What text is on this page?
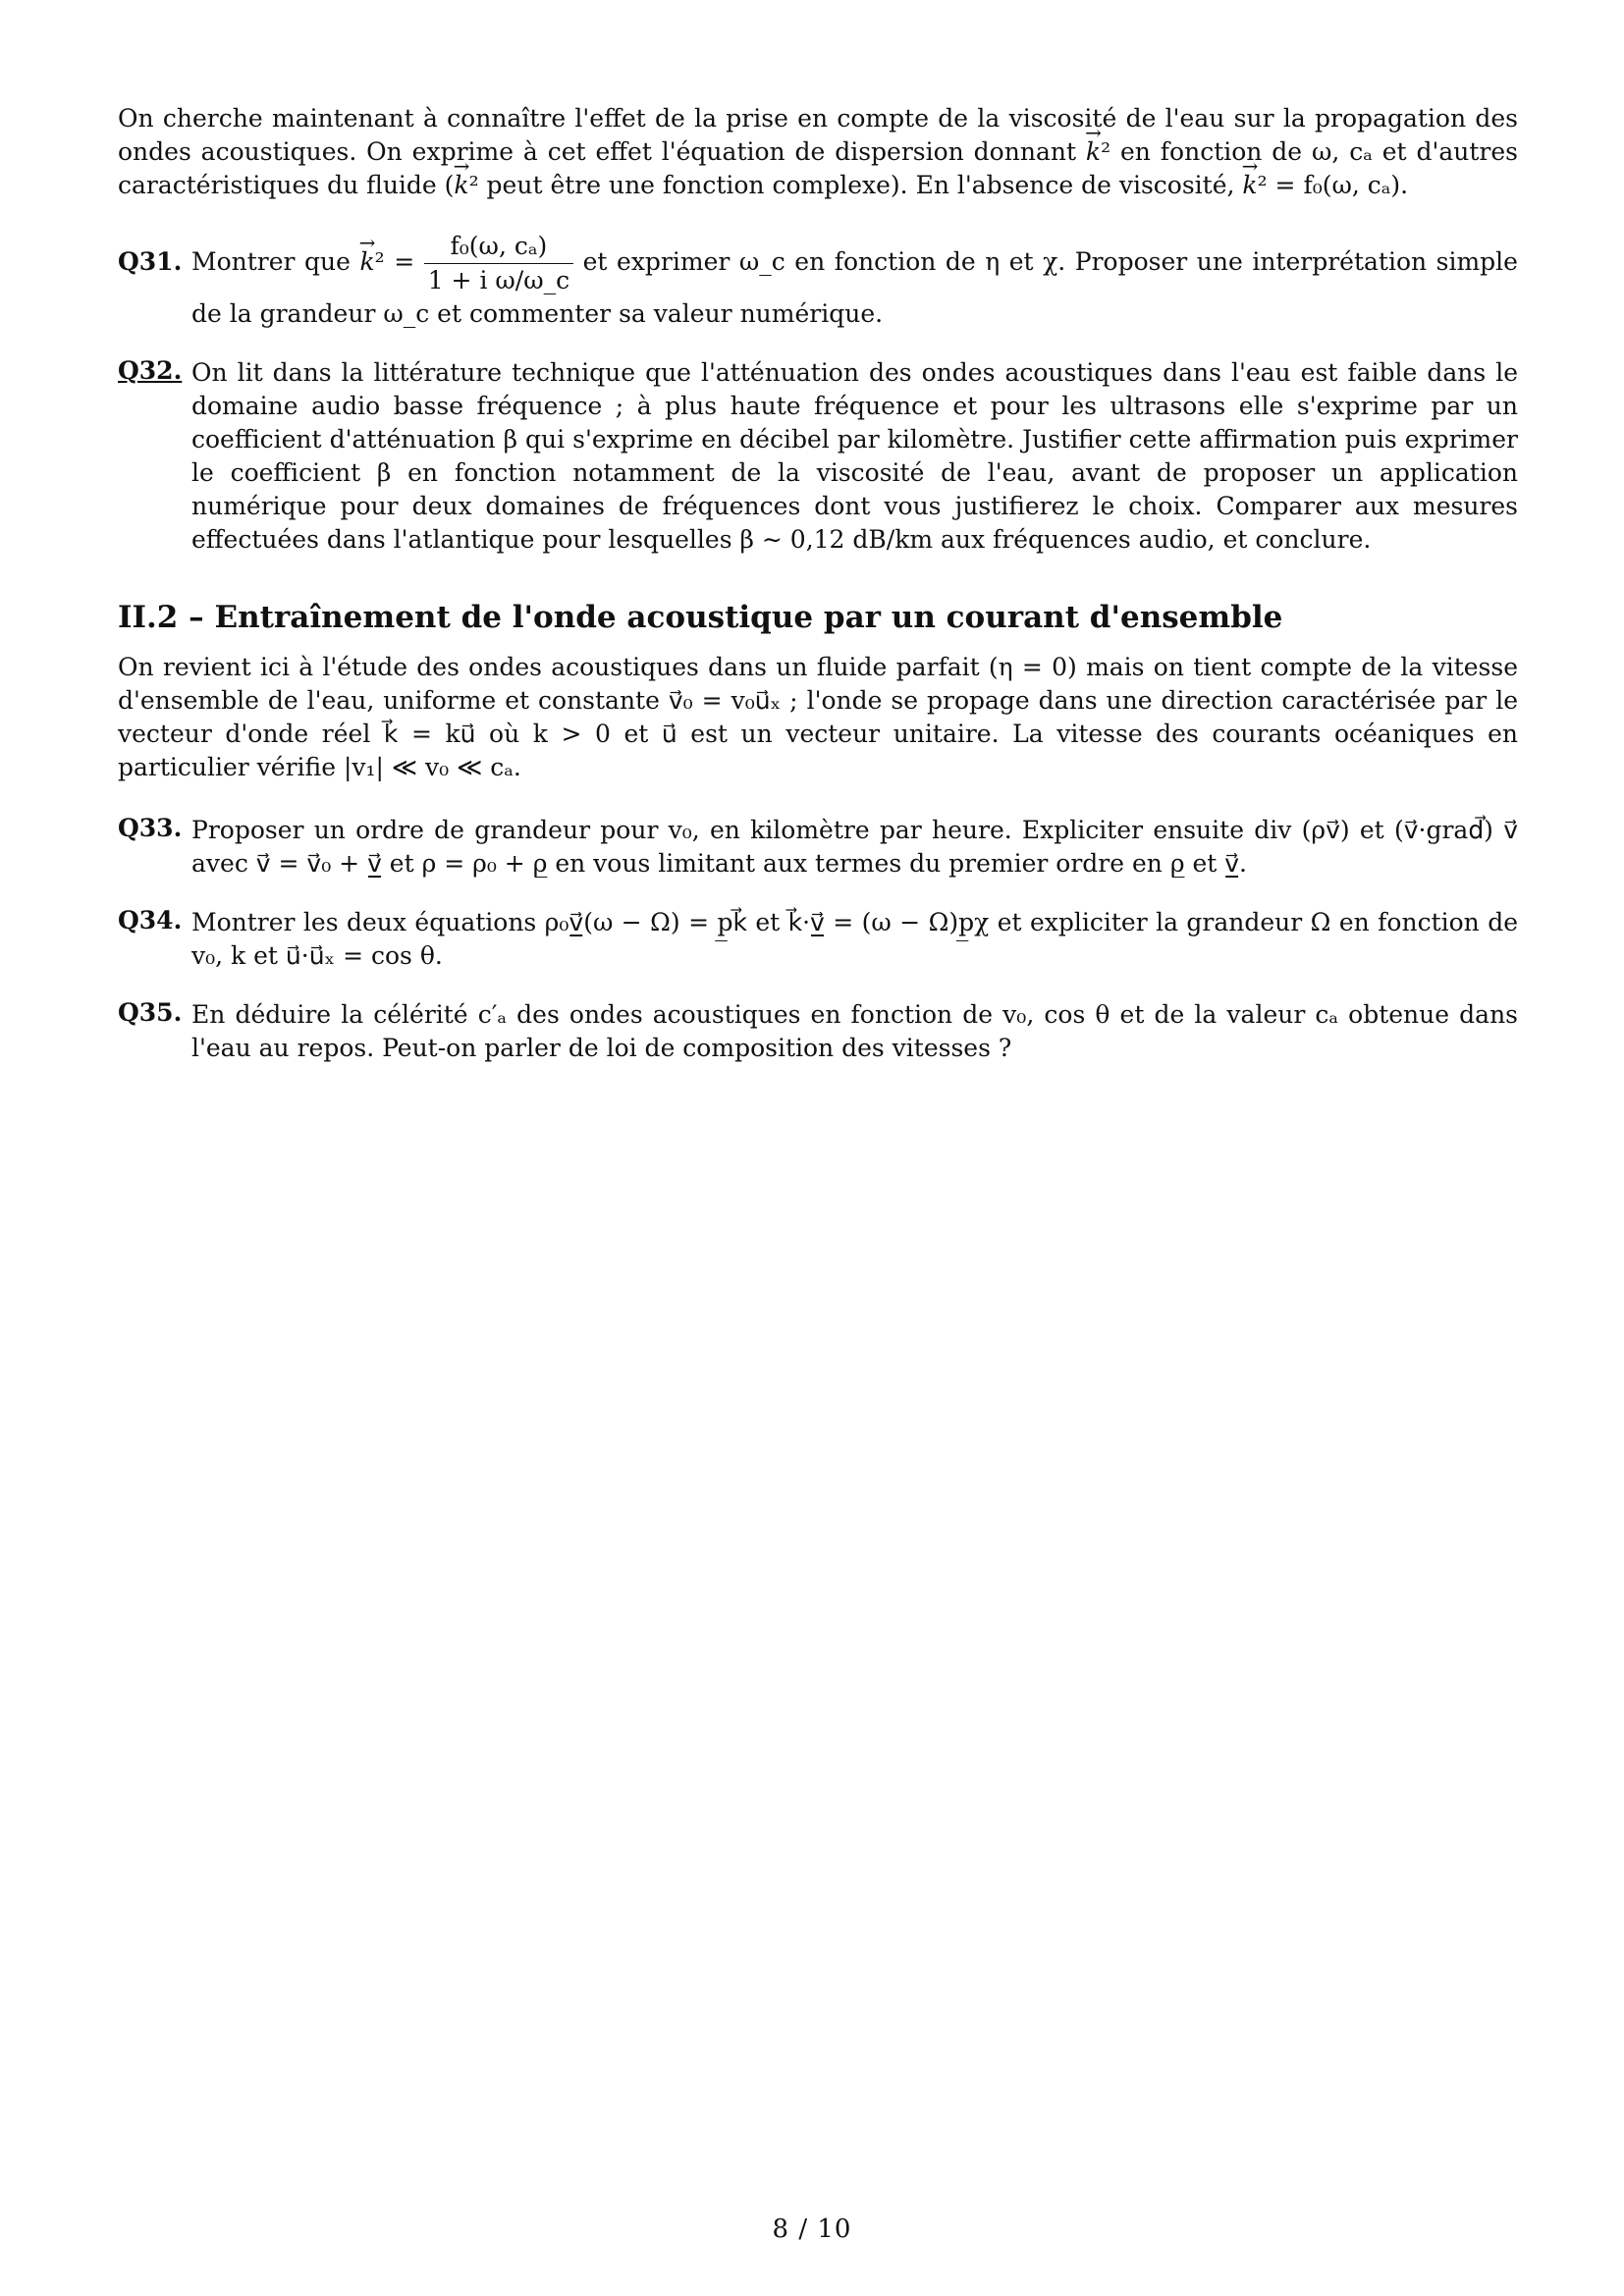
On cherche maintenant à connaître l'effet de la prise en compte de la viscosité de l'eau sur la propagation des ondes acoustiques. On exprime à cet effet l'équation de dispersion donnant → k² en fonction de ω, cₐ et d'autres caractéristiques du fluide (→ k² peut être une fonction complexe). En l'absence de viscosité, → k² = f₀(ω, cₐ).

Q31. Montrer que → $k^2 = \frac{\text{f₀(ω, cₐ)}}{\text{1 + i ω/ω\_c}}$ et exprimer ω_c en fonction de η et χ. Proposer une interprétation simple de la grandeur ω_c et commenter sa valeur numérique.
Q32. On lit dans la littérature technique que l'atténuation des ondes acoustiques dans l'eau est faible dans le domaine audio basse fréquence ; à plus haute fréquence et pour les ultrasons elle s'exprime par un coefficient d'atténuation β qui s'exprime en décibel par kilomètre. Justifier cette affirmation puis exprimer le coefficient β en fonction notamment de la viscosité de l'eau, avant de proposer un application numérique pour deux domaines de fréquences dont vous justifierez le choix. Comparer aux mesures effectuées dans l'atlantique pour lesquelles β ∼ 0,12 dB/km aux fréquences audio, et conclure.
II.2 – Entraînement de l'onde acoustique par un courant d'ensemble

On revient ici à l'étude des ondes acoustiques dans un fluide parfait (η = 0) mais on tient compte de la vitesse d'ensemble de l'eau, uniforme et constante v⃗₀ = v₀u⃗ₓ ; l'onde se propage dans une direction caractérisée par le vecteur d'onde réel k⃗ = ku⃗ où k > 0 et u⃗ est un vecteur unitaire. La vitesse des courants océaniques en particulier vérifie |v₁| ≪ v₀ ≪ cₐ.

Q33. Proposer un ordre de grandeur pour v₀, en kilomètre par heure. Expliciter ensuite div (ρv⃗) et (v⃗·grad⃗) v⃗ avec v⃗ = v⃗₀ + v̲⃗ et ρ = ρ₀ + ρ̲ en vous limitant aux termes du premier ordre en ρ̲ et v̲⃗.
Q34. Montrer les deux équations ρ₀v̲⃗(ω − Ω) = p̲k⃗ et k⃗·v̲⃗ = (ω − Ω)p̲χ et expliciter la grandeur Ω en fonction de v₀, k et u⃗·u⃗ₓ = cos θ.
Q35. En déduire la célérité c′ₐ des ondes acoustiques en fonction de v₀, cos θ et de la valeur cₐ obtenue dans l'eau au repos. Peut-on parler de loi de composition des vitesses ?
8 / 10
